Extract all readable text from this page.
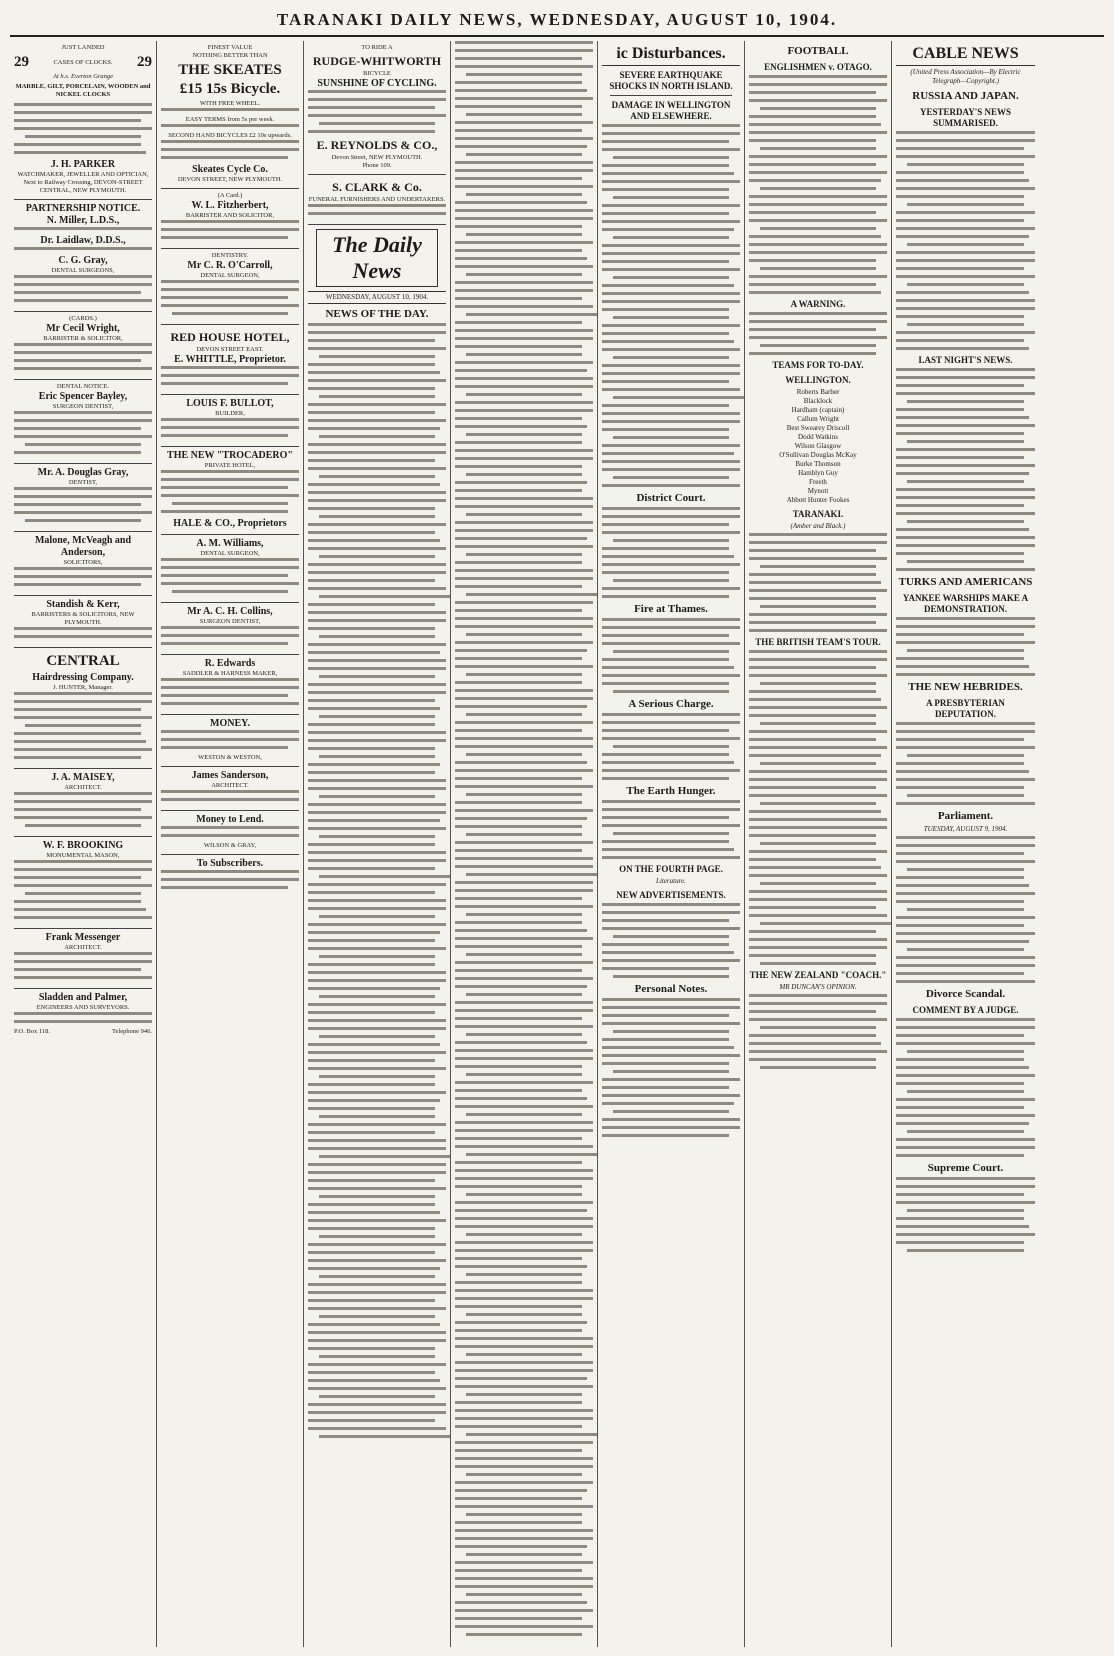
TARANAKI DAILY NEWS, WEDNESDAY, AUGUST 10, 1904.
JUST LANDED
29	CASES OF CLOCKS. 29
At h.s. Everton Grange
MARBLE, GILT, PORCELAIN, WOODEN and NICKEL CLOCKS
J. H. PARKER
WATCHMAKER, JEWELLER AND OPTICIAN,
Next to Railway Crossing, DEVON-STREET CENTRAL, NEW PLYMOUTH.
PARTNERSHIP NOTICE.
N. Miller, L.D.S.,
Dr. Laidlaw, D.D.S.,
C. G. Gray,
DENTAL SURGEONS,
(CARDS.)
Mr Cecil Wright,
BARRISTER & SOLICITOR,
DENTAL NOTICE.
Eric Spencer Bayley,
SURGEON DENTIST,
Mr. A. Douglas Gray,
DENTIST,
Malone, McVeagh and Anderson,
SOLICITORS,
Standish & Kerr,
BARRISTERS & SOLICITORS, NEW PLYMOUTH.
CENTRAL
Hairdressing Company.
J. HUNTER, Manager.
J. A. MAISEY,
ARCHITECT.
W. F. BROOKING
MONUMENTAL MASON,
Frank Messenger
ARCHITECT.
Sladden and Palmer,
ENGINEERS AND SURVEYORS.
P.O. Box 118.	Telephone 946.
FINEST VALUE
NOTHING BETTER THAN
THE SKEATES
£15 15s Bicycle.
WITH FREE WHEEL.
EASY TERMS from 5s per week.
SECOND HAND BICYCLES £2 10s upwards.
Skeates Cycle Co.
DEVON STREET, NEW PLYMOUTH.
(A Card.)
W. L. Fitzherbert,
BARRISTER AND SOLICITOR,
DENTISTRY.
Mr C. R. O'Carroll,
DENTAL SURGEON,
RED HOUSE HOTEL,
DEVON STREET EAST.
E. WHITTLE, Proprietor.
LOUIS F. BULLOT,
BUILDER,
THE NEW "TROCADERO"
PRIVATE HOTEL,
HALE & CO., Proprietors
A. M. Williams,
DENTAL SURGEON,
Mr A. C. H. Collins,
SURGEON DENTIST,
R. Edwards
SADDLER & HARNESS MAKER,
MONEY.
WESTON & WESTON,
James Sanderson,
ARCHITECT.
Money to Lend.
WILSON & GRAY,
To Subscribers.
TO RIDE A
RUDGE-WHITWORTH
BICYCLE
SUNSHINE OF CYCLING.
E. REYNOLDS & CO.,
Devon Street, NEW PLYMOUTH.
Phone 109.
S. CLARK & Co.
FUNERAL FURNISHERS AND UNDERTAKERS.
The Daily News
WEDNESDAY, AUGUST 10, 1904.
NEWS OF THE DAY.
ic Disturbances.
SEVERE EARTHQUAKE SHOCKS IN NORTH ISLAND.
DAMAGE IN WELLINGTON AND ELSEWHERE.
District Court.
Fire at Thames.
A Serious Charge.
The Earth Hunger.
ON THE FOURTH PAGE.
Literature.
NEW ADVERTISEMENTS.
Personal Notes.
FOOTBALL
ENGLISHMEN v. OTAGO.
A WARNING.
TEAMS FOR TO-DAY.
WELLINGTON.
Roberts Barber
Blacklock
Hardham (captain)
Callum Wright
Best Swearey Driscoll
Dodd Watkins
Wilson Glasgow
O'Sullivan Douglas McKay
Burke Thomson
Hamblyn Guy
Freeth
Mynott
Abbott Hunter Fookes
TARANAKI.
(Amber and Black.)
THE BRITISH TEAM'S TOUR.
THE NEW ZEALAND "COACH."
MR DUNCAN'S OPINION.
CABLE NEWS
(United Press Association—By Electric Telegraph—Copyright.)
RUSSIA AND JAPAN.
YESTERDAY'S NEWS SUMMARISED.
LAST NIGHT'S NEWS.
TURKS AND AMERICANS
YANKEE WARSHIPS MAKE A DEMONSTRATION.
THE NEW HEBRIDES.
A PRESBYTERIAN DEPUTATION.
Parliament.
TUESDAY, AUGUST 9, 1904.
Divorce Scandal.
COMMENT BY A JUDGE.
Supreme Court.
